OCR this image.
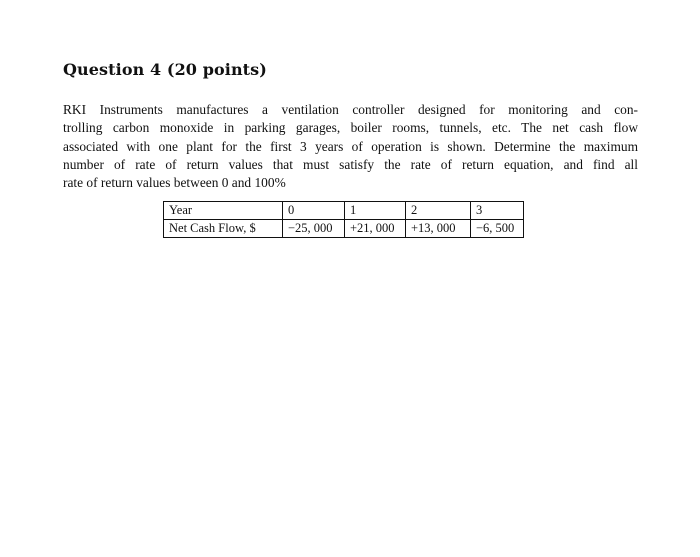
Question 4 (20 points)
RKI Instruments manufactures a ventilation controller designed for monitoring and con-
trolling carbon monoxide in parking garages, boiler rooms, tunnels, etc. The net cash flow
associated with one plant for the first 3 years of operation is shown. Determine the maximum
number of rate of return values that must satisfy the rate of return equation, and find all
rate of return values between 0 and 100%
Year	0	1	2	3
Net Cash Flow, $	−25, 000	+21, 000	+13, 000	−6, 500
